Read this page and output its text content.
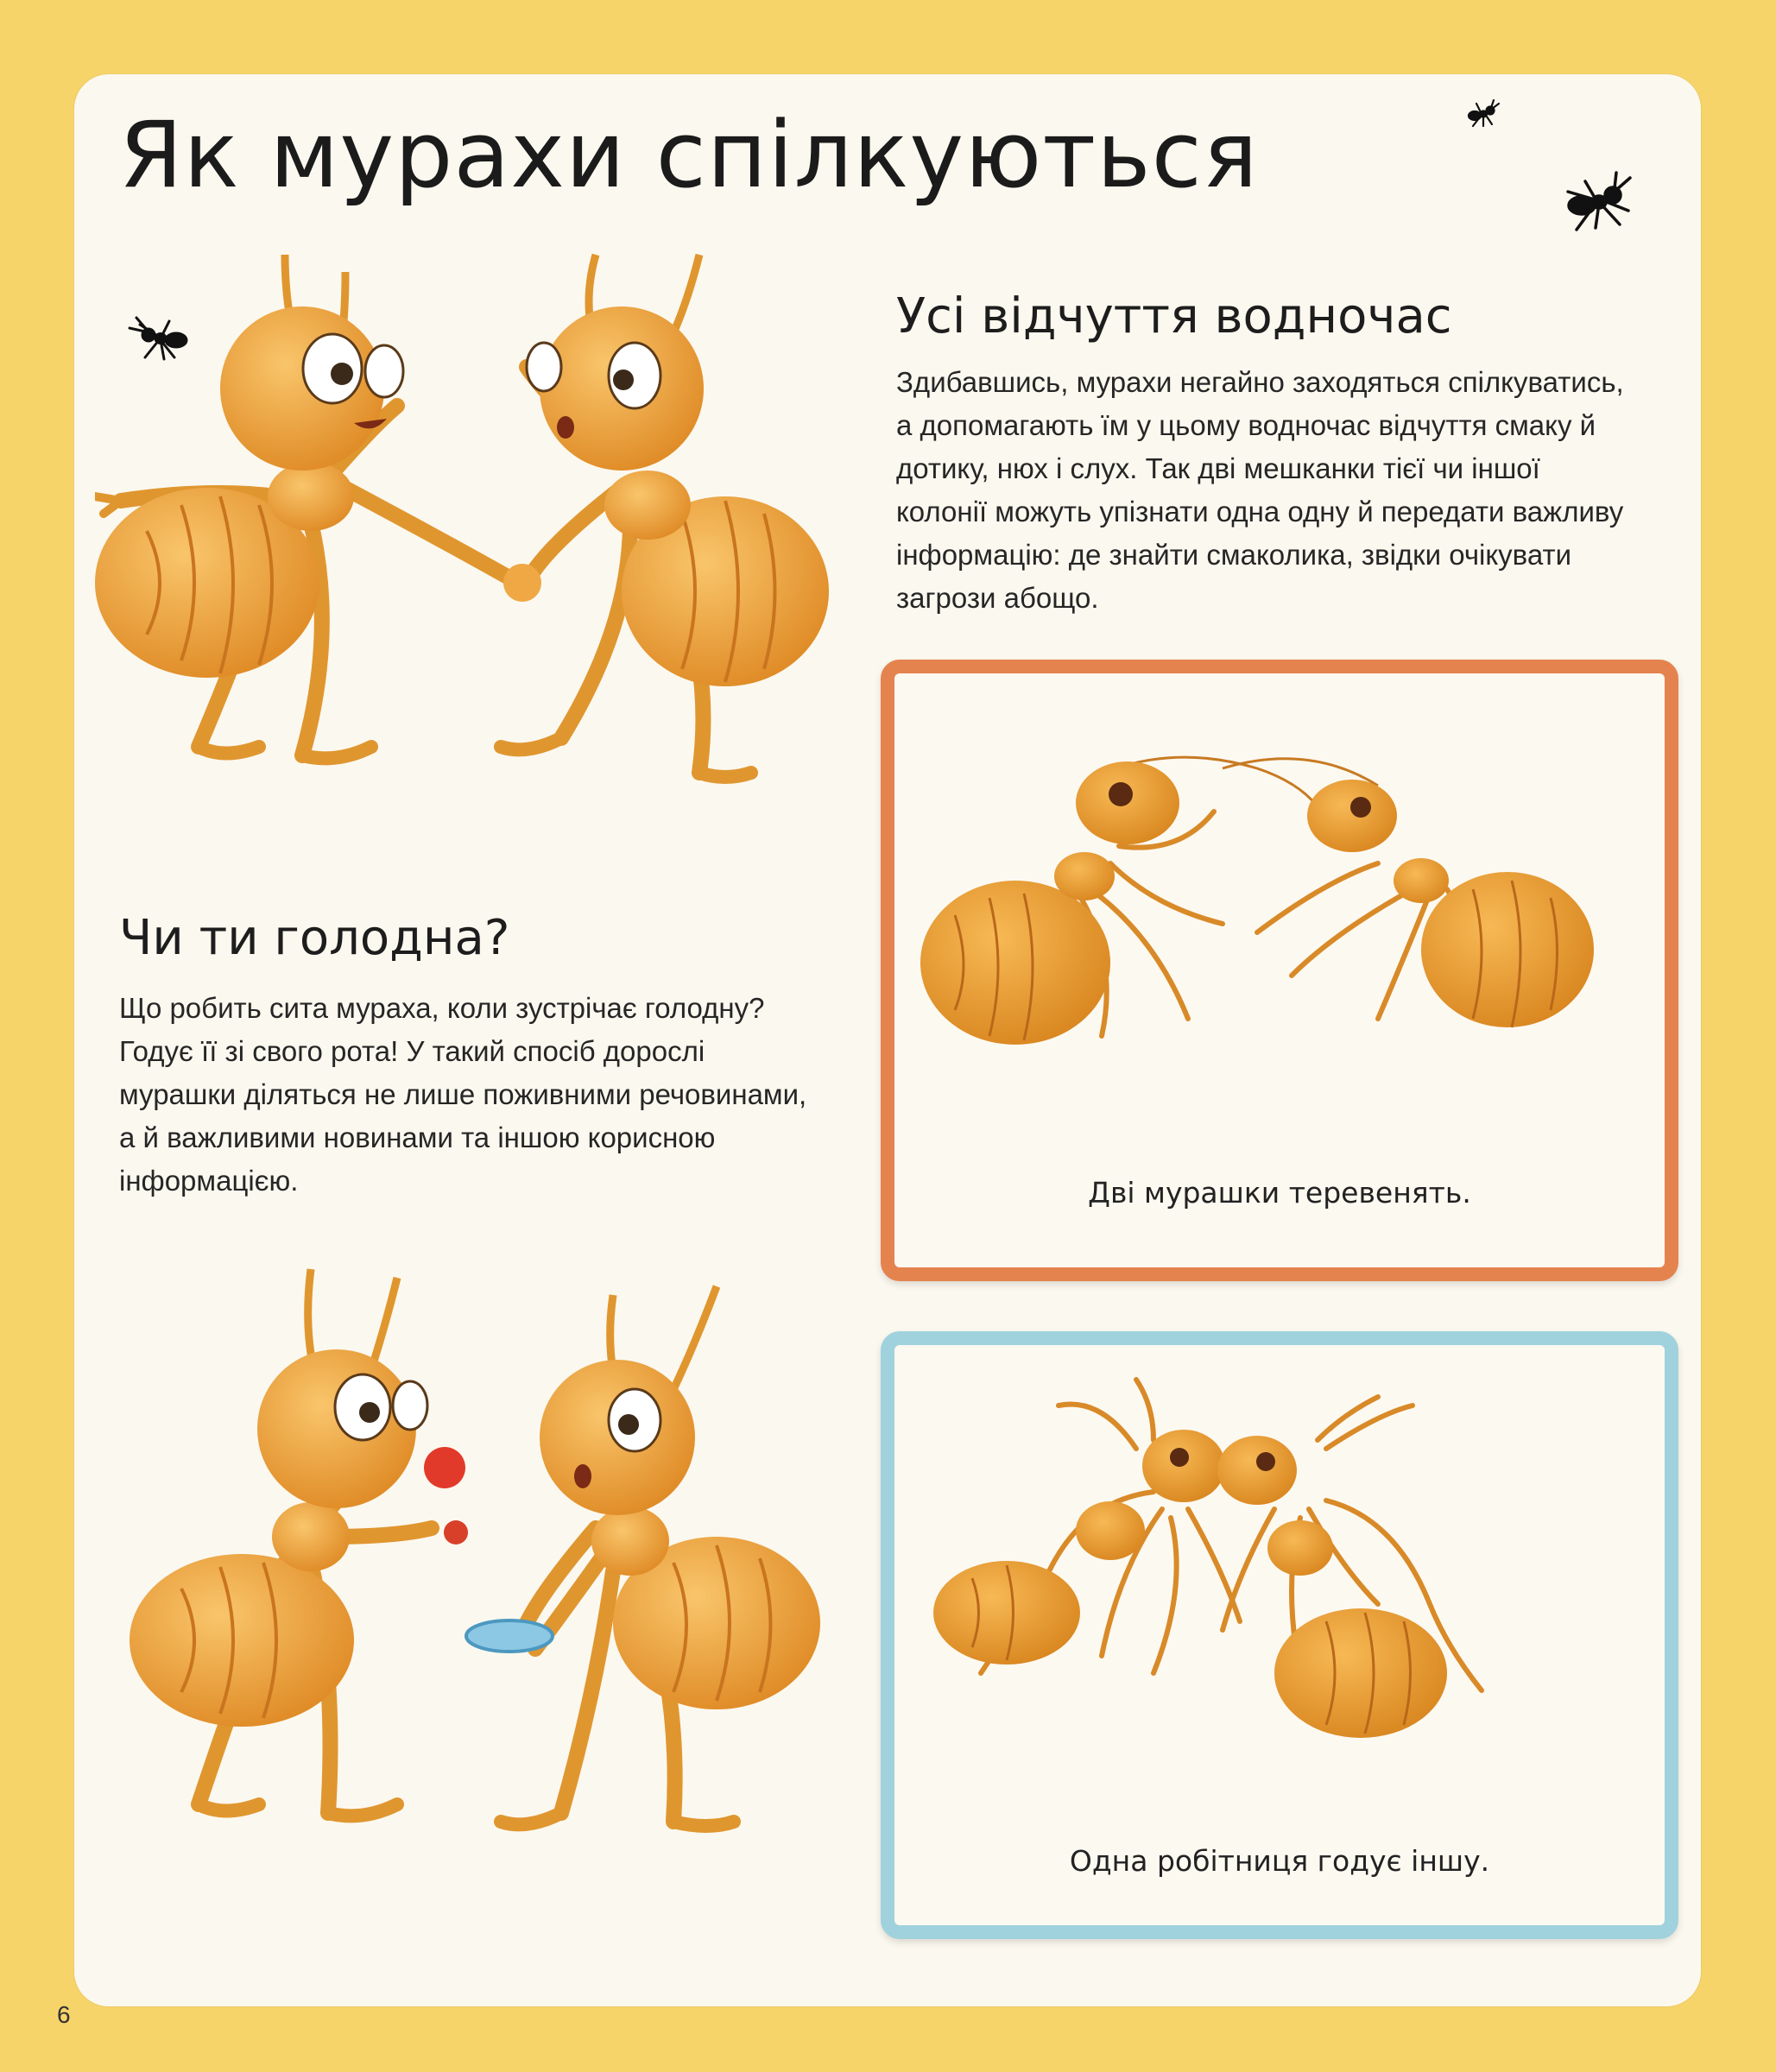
Як мурахи спілкуються
Усі відчуття водночас

Здибавшись, мурахи негайно заходяться спілкуватись, а допомагають їм у цьому водночас відчуття смаку й дотику, нюх і слух. Так дві мешканки тієї чи іншої колонії можуть упізнати одна одну й передати важливу інформацію: де знайти смаколика, звідки очікувати загрози абощо.

Дві мурашки теревенять.
Чи ти голодна?

Що робить сита мураха, коли зустрічає голодну? Годує її зі свого рота! У такий спосіб дорослі мурашки діляться не лише поживними речовинами, а й важливими новинами та іншою корисною інформацією.

Одна робітниця годує іншу.
6
